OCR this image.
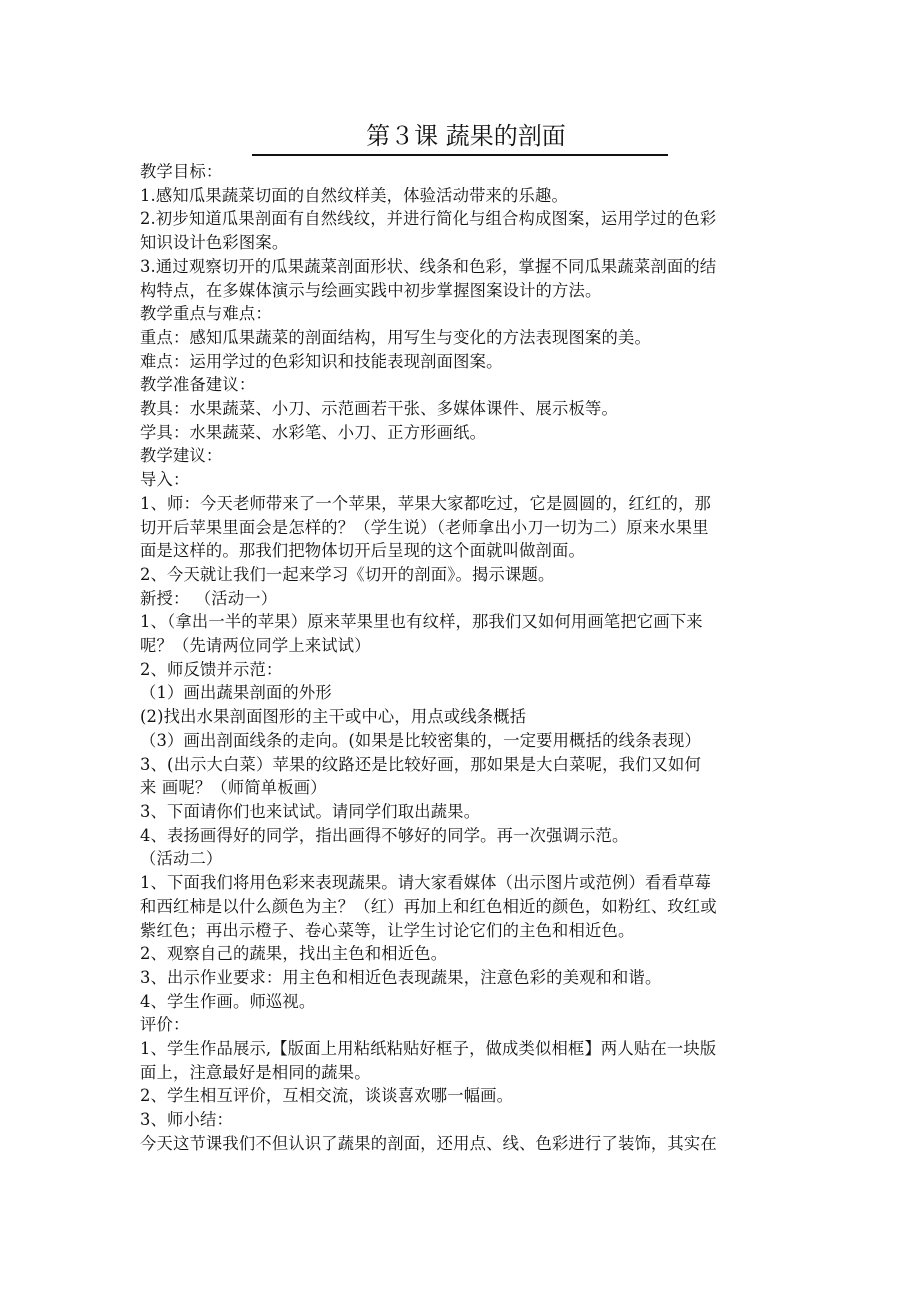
第３课 蔬果的剖面
教学目标：
1.感知瓜果蔬菜切面的自然纹样美，体验活动带来的乐趣。
2.初步知道瓜果剖面有自然线纹，并进行简化与组合构成图案，运用学过的色彩
知识设计色彩图案。
3.通过观察切开的瓜果蔬菜剖面形状、线条和色彩，掌握不同瓜果蔬菜剖面的结
构特点，在多媒体演示与绘画实践中初步掌握图案设计的方法。
教学重点与难点：
重点：感知瓜果蔬菜的剖面结构，用写生与变化的方法表现图案的美。
难点：运用学过的色彩知识和技能表现剖面图案。
教学准备建议：
教具：水果蔬菜、小刀、示范画若干张、多媒体课件、展示板等。
学具：水果蔬菜、水彩笔、小刀、正方形画纸。
教学建议：
导入：
1、师：今天老师带来了一个苹果，苹果大家都吃过，它是圆圆的，红红的，那
切开后苹果里面会是怎样的？（学生说）（老师拿出小刀一切为二）原来水果里
面是这样的。那我们把物体切开后呈现的这个面就叫做剖面。
2、今天就让我们一起来学习《切开的剖面》。揭示课题。
新授： （活动一）
1、（拿出一半的苹果）原来苹果里也有纹样，那我们又如何用画笔把它画下来
呢？（先请两位同学上来试试）
2、师反馈并示范：
（1）画出蔬果剖面的外形
(2)找出水果剖面图形的主干或中心，用点或线条概括
（3）画出剖面线条的走向。(如果是比较密集的，一定要用概括的线条表现）
3、(出示大白菜）苹果的纹路还是比较好画，那如果是大白菜呢，我们又如何
来 画呢？（师简单板画）
3、下面请你们也来试试。请同学们取出蔬果。
4、表扬画得好的同学，指出画得不够好的同学。再一次强调示范。
（活动二）
1、下面我们将用色彩来表现蔬果。请大家看媒体（出示图片或范例）看看草莓
和西红柿是以什么颜色为主？（红）再加上和红色相近的颜色，如粉红、玫红或
紫红色；再出示橙子、卷心菜等，让学生讨论它们的主色和相近色。
2、观察自己的蔬果，找出主色和相近色。
3、出示作业要求：用主色和相近色表现蔬果，注意色彩的美观和和谐。
4、学生作画。师巡视。
评价：
1、学生作品展示,【版面上用粘纸粘贴好框子，做成类似相框】两人贴在一块版
面上，注意最好是相同的蔬果。
2、学生相互评价，互相交流，谈谈喜欢哪一幅画。
3、师小结：
今天这节课我们不但认识了蔬果的剖面，还用点、线、色彩进行了装饰，其实在
